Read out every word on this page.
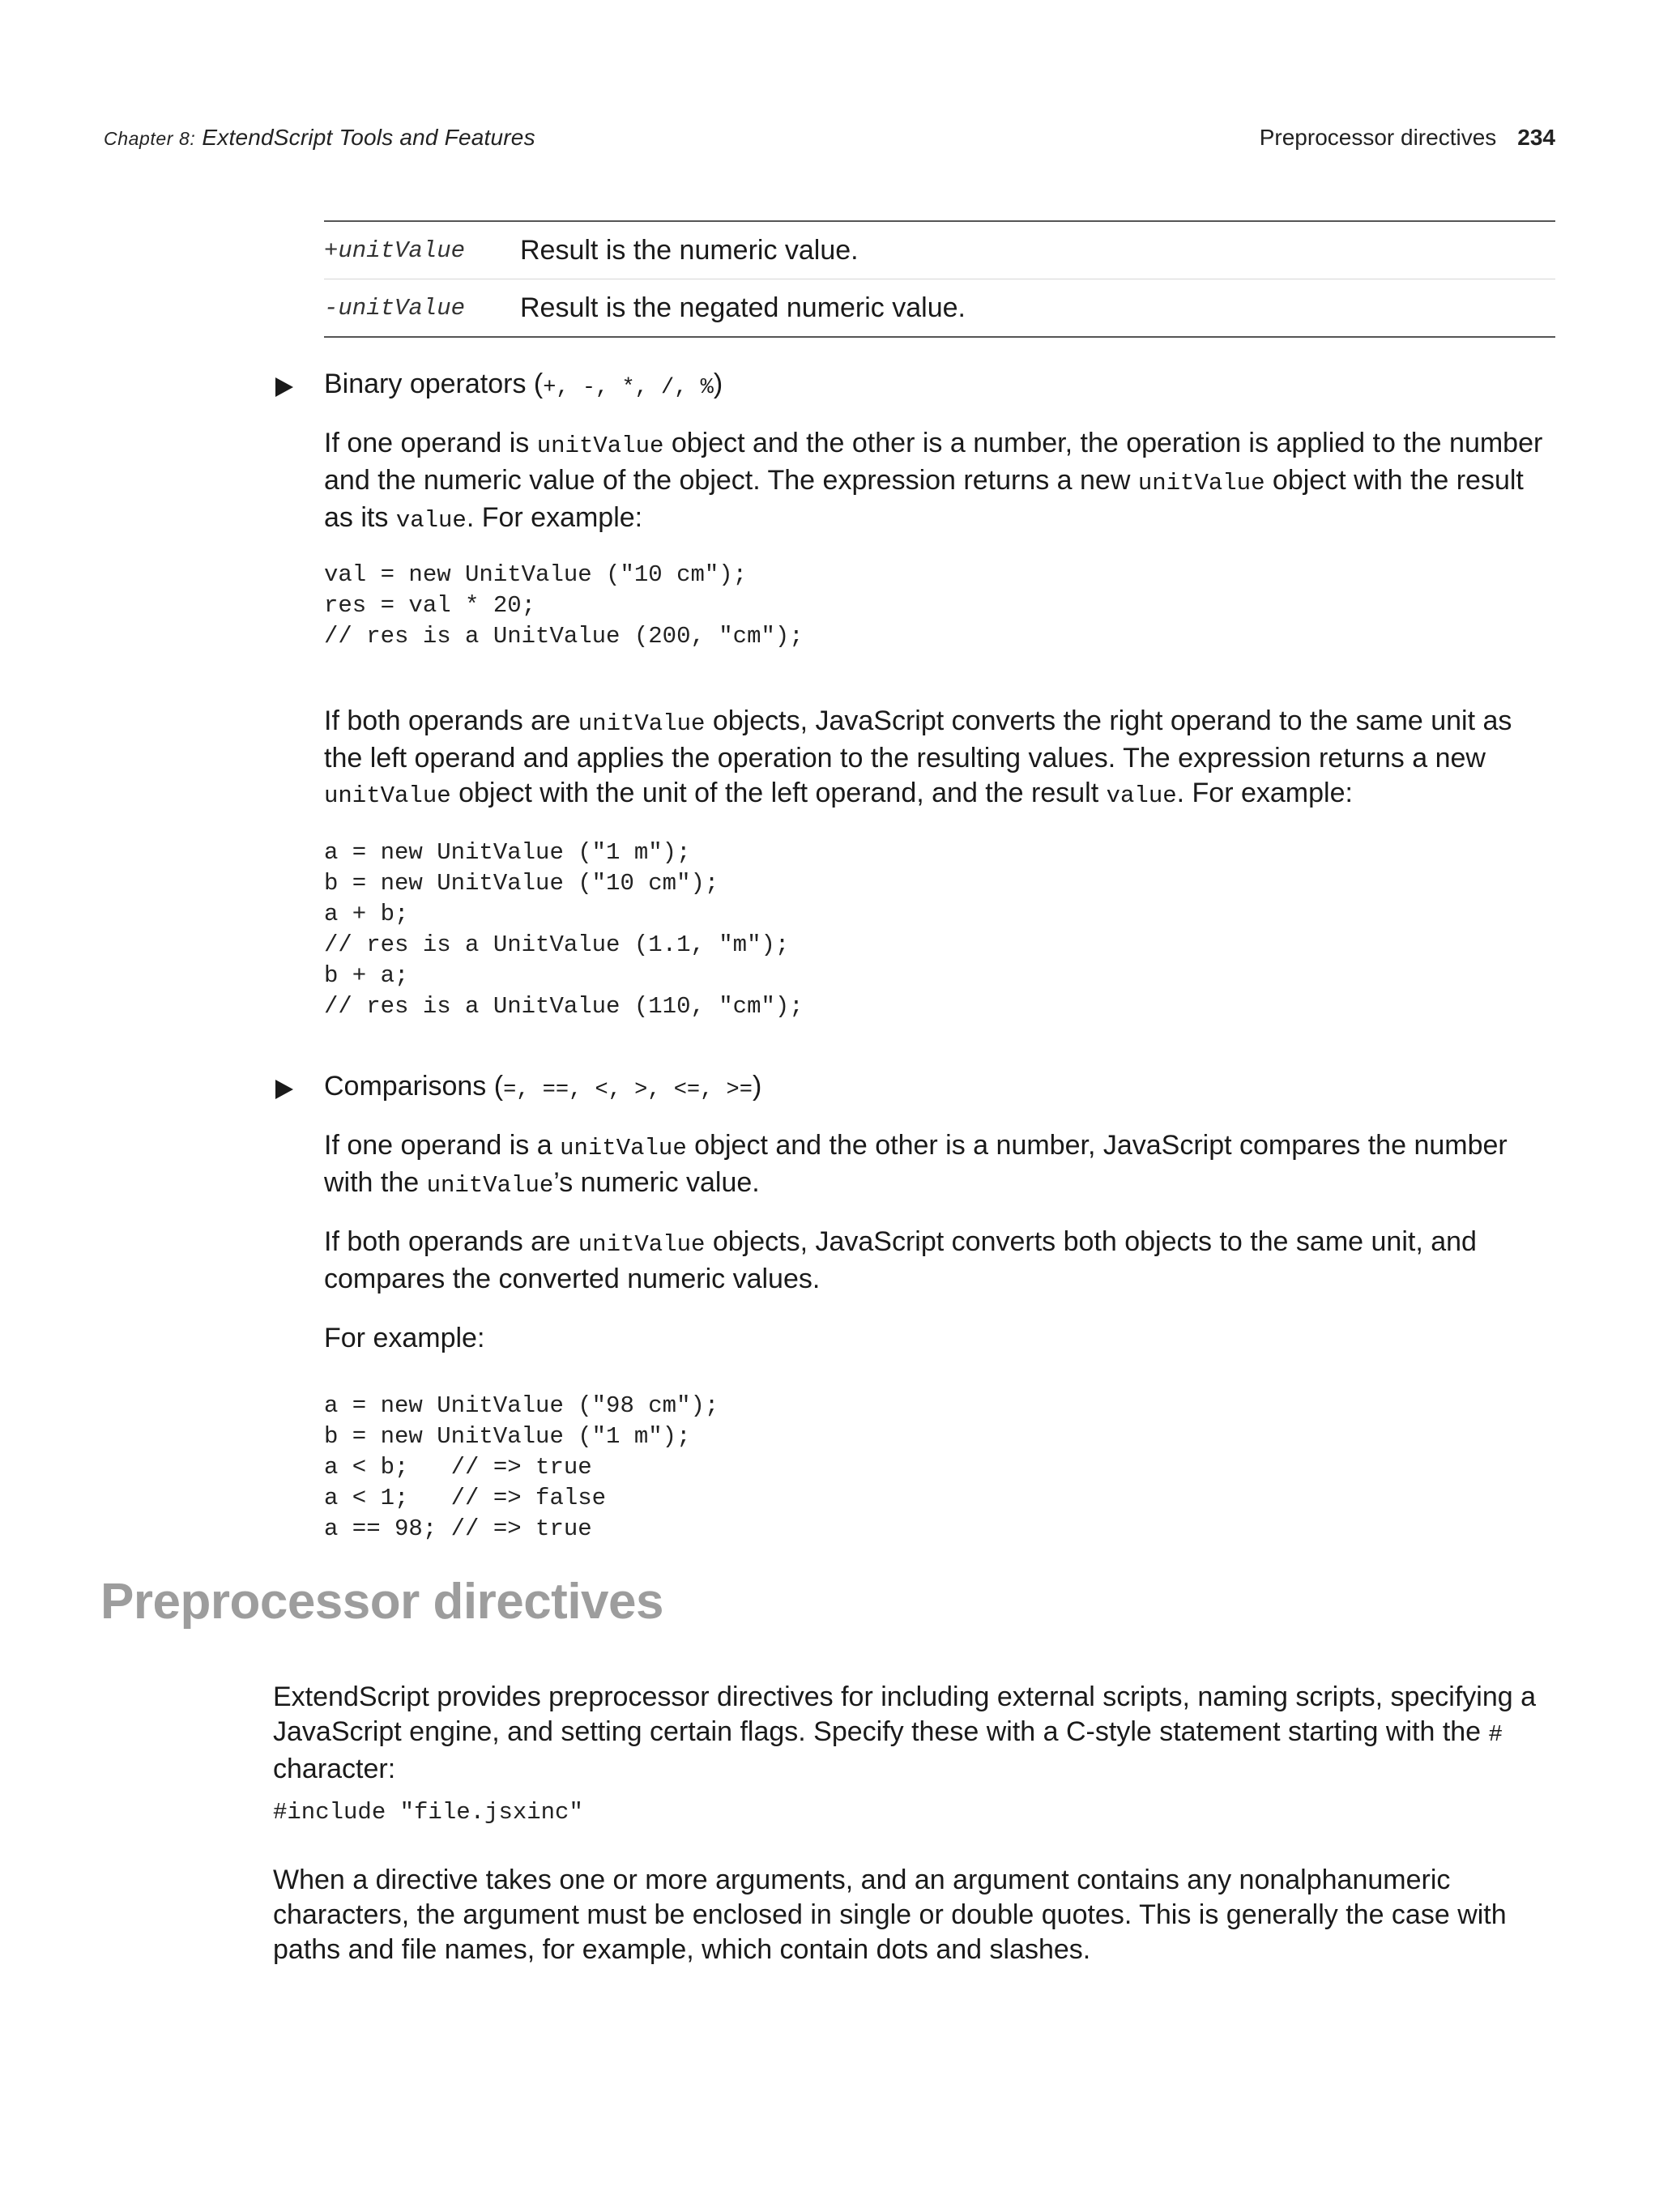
Chapter 8: ExtendScript Tools and Features	Preprocessor directives 234
+unitValue	Result is the numeric value.
-unitValue	Result is the negated numeric value.
Binary operators (+, -, *, /, %)
If one operand is unitValue object and the other is a number, the operation is applied to the number and the numeric value of the object. The expression returns a new unitValue object with the result as its value. For example:
val = new UnitValue ("10 cm");
res = val * 20;
// res is a UnitValue (200, "cm");
If both operands are unitValue objects, JavaScript converts the right operand to the same unit as the left operand and applies the operation to the resulting values. The expression returns a new unitValue object with the unit of the left operand, and the result value. For example:
a = new UnitValue ("1 m");
b = new UnitValue ("10 cm");
a + b;
// res is a UnitValue (1.1, "m");
b + a;
// res is a UnitValue (110, "cm");
Comparisons (=, ==, <, >, <=, >=)
If one operand is a unitValue object and the other is a number, JavaScript compares the number with the unitValue’s numeric value.
If both operands are unitValue objects, JavaScript converts both objects to the same unit, and compares the converted numeric values.
For example:
a = new UnitValue ("98 cm");
b = new UnitValue ("1 m");
a < b;   // => true
a < 1;   // => false
a == 98; // => true
Preprocessor directives
ExtendScript provides preprocessor directives for including external scripts, naming scripts, specifying a JavaScript engine, and setting certain flags. Specify these with a C-style statement starting with the # character:
#include "file.jsxinc"
When a directive takes one or more arguments, and an argument contains any nonalphanumeric characters, the argument must be enclosed in single or double quotes. This is generally the case with paths and file names, for example, which contain dots and slashes.
